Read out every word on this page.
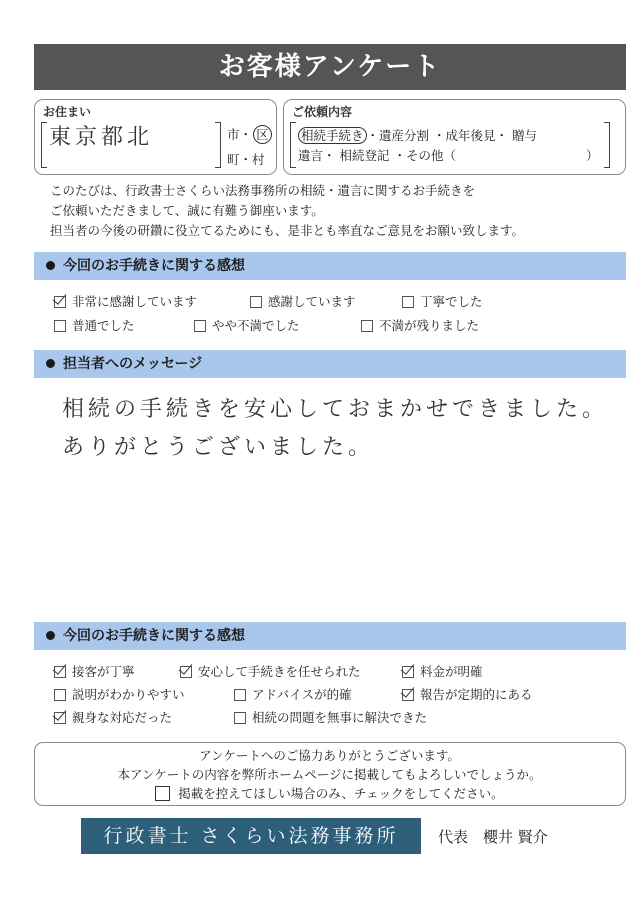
お客様アンケート
お住まい
東京都北	市・ 区
町・村
ご依頼内容
相続手続き ・遺産分割 ・成年後見・ 贈与
遺言・ 相続登記 ・その他（	）
このたびは、行政書士さくらい法務事務所の相続・遺言に関するお手続きを
ご依頼いただきまして、誠に有難う御座います。
担当者の今後の研鑽に役立てるためにも、是非とも率直なご意見をお願い致します。
今回のお手続きに関する感想
非常に感謝しています	感謝しています	丁寧でした
普通でした	やや不満でした	不満が残りました
担当者へのメッセージ
相続の手続きを安心しておまかせできました。
ありがとうございました。
今回のお手続きに関する感想
接客が丁寧	安心して手続きを任せられた	料金が明確
説明がわかりやすい	アドバイスが的確	報告が定期的にある
親身な対応だった	相続の問題を無事に解決できた
アンケートへのご協力ありがとうございます。
本アンケートの内容を弊所ホームページに掲載してもよろしいでしょうか。
掲載を控えてほしい場合のみ、チェックをしてください。
行政書士 さくらい法務事務所	代表　櫻井 賢介
